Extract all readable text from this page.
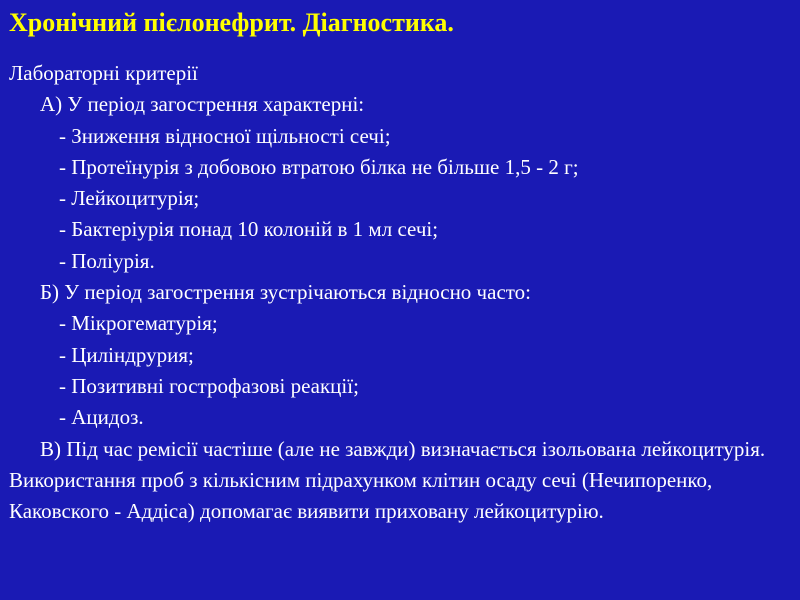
Хронічний пієлонефрит. Діагностика.
Лабораторні критерії
А) У період загострення характерні:
- Зниження відносної щільності сечі;
- Протеїнурія з добовою втратою білка не більше 1,5 - 2 г;
- Лейкоцитурія;
- Бактеріурія понад 10 колоній в 1 мл сечі;
- Поліурія.
Б) У період загострення зустрічаються відносно часто:
- Мікрогематурія;
- Циліндрурия;
- Позитивні гострофазові реакції;
- Ацидоз.
В) Під час ремісії частіше (але не завжди) визначається ізольована лейкоцитурія. Використання проб з кількісним підрахунком клітин осаду сечі (Нечипоренко, Каковского - Аддіса) допомагає виявити приховану лейкоцитурію.
